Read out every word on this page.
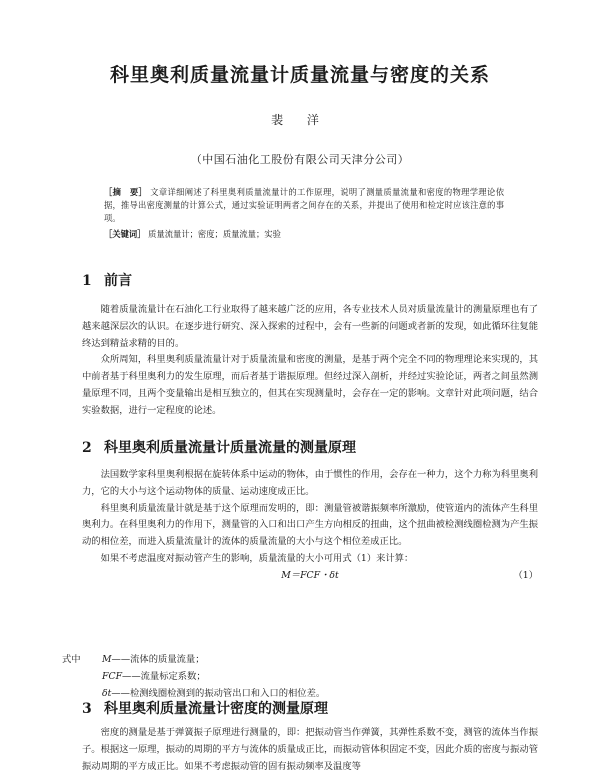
科里奥利质量流量计质量流量与密度的关系
裴 洋
（中国石油化工股份有限公司天津分公司）
［摘　要］ 文章详细阐述了科里奥利质量流量计的工作原理，说明了测量质量流量和密度的物理学理论依据，推导出密度测量的计算公式，通过实验证明两者之间存在的关系，并提出了使用和检定时应该注意的事项。
［关键词］ 质量流量计；密度；质量流量；实验
1 前言

随着质量流量计在石油化工行业取得了越来越广泛的应用，各专业技术人员对质量流量计的测量原理也有了越来越深层次的认识。在逐步进行研究、深入探索的过程中，会有一些新的问题或者新的发现，如此循环往复能终达到精益求精的目的。

众所周知，科里奥利质量流量计对于质量流量和密度的测量，是基于两个完全不同的物理理论来实现的，其中前者基于科里奥利力的发生原理，而后者基于谐振原理。但经过深入剖析，并经过实验论证，两者之间虽然测量原理不同，且两个变量输出是相互独立的，但其在实现测量时，会存在一定的影响。文章针对此项问题，结合实验数据，进行一定程度的论述。

2 科里奥利质量流量计质量流量的测量原理

法国数学家科里奥利根据在旋转体系中运动的物体，由于惯性的作用，会存在一种力，这个力称为科里奥利力，它的大小与这个运动物体的质量、运动速度成正比。

科里奥利质量流量计就是基于这个原理而发明的，即：测量管被谐振频率所激励，使管道内的流体产生科里奥利力。在科里奥利力的作用下，测量管的入口和出口产生方向相反的扭曲，这个扭曲被检测线圈检测为产生振动的相位差，而进入质量流量计的流体的质量流量的大小与这个相位差成正比。

如果不考虑温度对振动管产生的影响，质量流量的大小可用式（1）来计算：

M＝FCF・δt	（1）
式中 M——流体的质量流量；
FCF——流量标定系数；
δt——检测线圈检测到的振动管出口和入口的相位差。
3 科里奥利质量流量计密度的测量原理

密度的测量是基于弹簧振子原理进行测量的，即：把振动管当作弹簧，其弹性系数不变，测管的流体当作振子。根据这一原理，振动的周期的平方与流体的质量成正比，而振动管体积固定不变，因此介质的密度与振动管振动周期的平方成正比。如果不考虑振动管的固有振动频率及温度等
